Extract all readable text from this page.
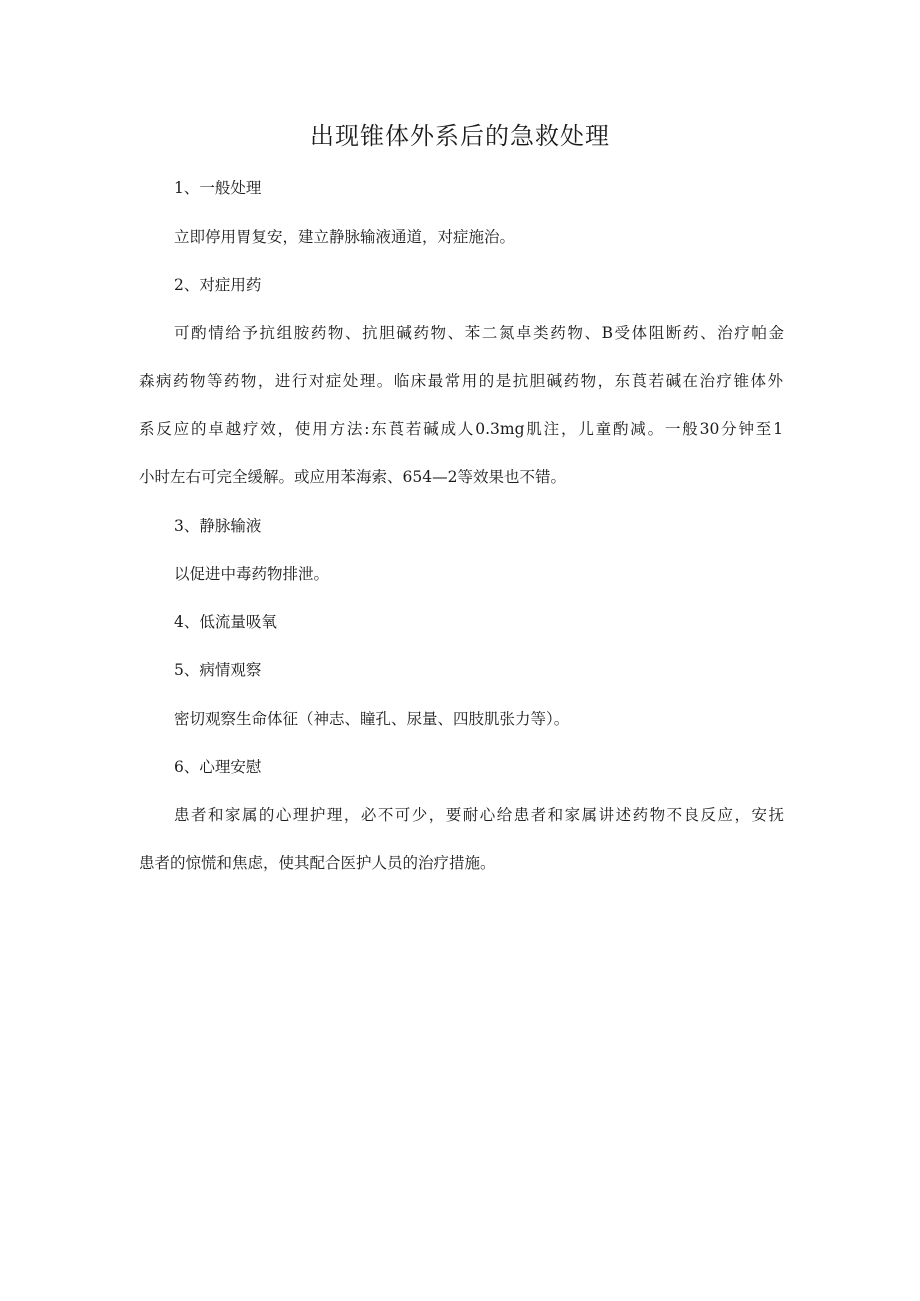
出现锥体外系后的急救处理

1、一般处理

立即停用胃复安，建立静脉输液通道，对症施治。

2、对症用药

可酌情给予抗组胺药物、抗胆碱药物、苯二氮卓类药物、B受体阻断药、治疗帕金

森病药物等药物，进行对症处理。临床最常用的是抗胆碱药物，东莨若碱在治疗锥体外

系反应的卓越疗效，使用方法:东莨若碱成人0.3mg肌注，儿童酌减。一般30分钟至1

小时左右可完全缓解。或应用苯海索、654—2等效果也不错。

3、静脉输液

以促进中毒药物排泄。

4、低流量吸氧

5、病情观察

密切观察生命体征（神志、瞳孔、尿量、四肢肌张力等）。

6、心理安慰

患者和家属的心理护理，必不可少，要耐心给患者和家属讲述药物不良反应，安抚

患者的惊慌和焦虑，使其配合医护人员的治疗措施。
